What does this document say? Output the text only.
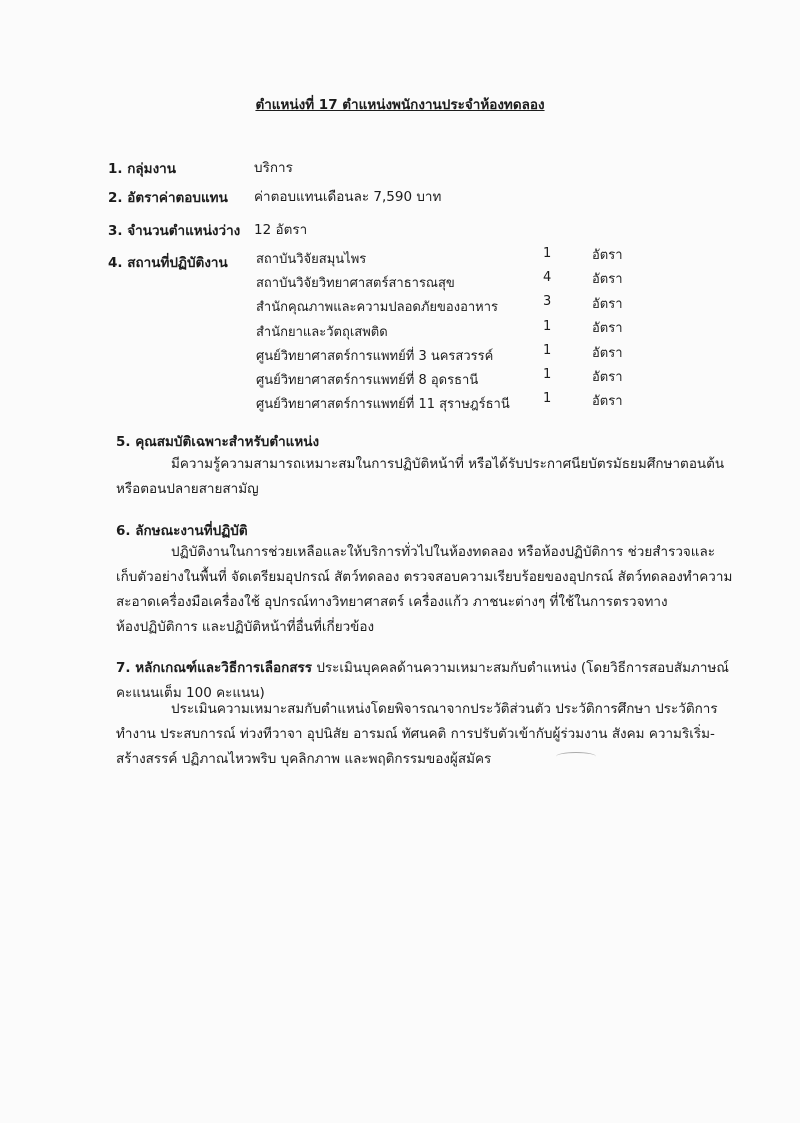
ตำแหน่งที่ 17 ตำแหน่งพนักงานประจำห้องทดลอง
1. กลุ่มงาน	บริการ
2. อัตราค่าตอบแทน ค่าตอบแทนเดือนละ 7,590 บาท
3. จำนวนตำแหน่งว่าง 12 อัตรา
4. สถานที่ปฏิบัติงาน สถาบันวิจัยสมุนไพร	1	อัตรา
สถาบันวิจัยวิทยาศาสตร์สาธารณสุข	4	อัตรา
สำนักคุณภาพและความปลอดภัยของอาหาร	3	อัตรา
สำนักยาและวัตถุเสพติด	1	อัตรา
ศูนย์วิทยาศาสตร์การแพทย์ที่ 3 นครสวรรค์	1	อัตรา
ศูนย์วิทยาศาสตร์การแพทย์ที่ 8 อุดรธานี	1	อัตรา
ศูนย์วิทยาศาสตร์การแพทย์ที่ 11 สุราษฎร์ธานี	1	อัตรา
5. คุณสมบัติเฉพาะสำหรับตำแหน่ง

มีความรู้ความสามารถเหมาะสมในการปฏิบัติหน้าที่ หรือได้รับประกาศนียบัตรมัธยมศึกษาตอนต้น

หรือตอนปลายสายสามัญ

6. ลักษณะงานที่ปฏิบัติ

ปฏิบัติงานในการช่วยเหลือและให้บริการทั่วไปในห้องทดลอง หรือห้องปฏิบัติการ ช่วยสำรวจและ

เก็บตัวอย่างในพื้นที่ จัดเตรียมอุปกรณ์ สัตว์ทดลอง ตรวจสอบความเรียบร้อยของอุปกรณ์ สัตว์ทดลองทำความ

สะอาดเครื่องมือเครื่องใช้ อุปกรณ์ทางวิทยาศาสตร์ เครื่องแก้ว ภาชนะต่างๆ ที่ใช้ในการตรวจทาง

ห้องปฏิบัติการ และปฏิบัติหน้าที่อื่นที่เกี่ยวข้อง

7. หลักเกณฑ์และวิธีการเลือกสรร ประเมินบุคคลด้านความเหมาะสมกับตำแหน่ง (โดยวิธีการสอบสัมภาษณ์
คะแนนเต็ม 100 คะแนน)

ประเมินความเหมาะสมกับตำแหน่งโดยพิจารณาจากประวัติส่วนตัว ประวัติการศึกษา ประวัติการ

ทำงาน ประสบการณ์ ท่วงทีวาจา อุปนิสัย อารมณ์ ทัศนคติ การปรับตัวเข้ากับผู้ร่วมงาน สังคม ความริเริ่ม-

สร้างสรรค์ ปฏิภาณไหวพริบ บุคลิกภาพ และพฤติกรรมของผู้สมัคร
